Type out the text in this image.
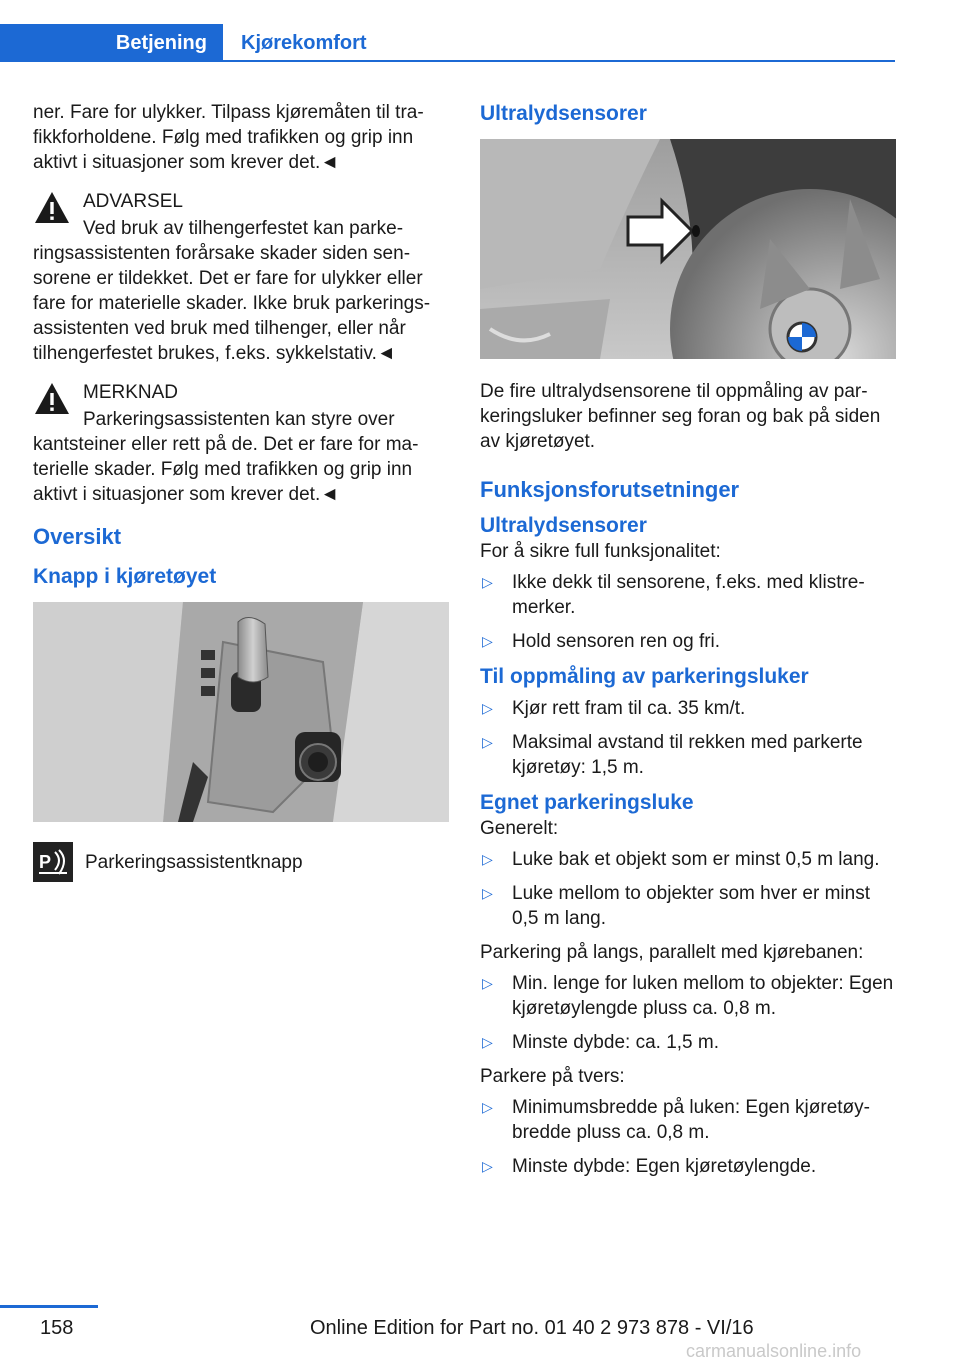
Betjening	Kjørekomfort

ner. Fare for ulykker. Tilpass kjøremåten til trafikkforholdene. Følg med trafikken og grip inn aktivt i situasjoner som krever det.◄

ADVARSEL

Ved bruk av tilhengerfestet kan parkeringsassistenten forårsake skader siden sensorene er tildekket. Det er fare for ulykker eller fare for materielle skader. Ikke bruk parkeringsassistenten ved bruk med tilhenger, eller når tilhengerfestet brukes, f.eks. sykkelstativ.◄

MERKNAD

Parkeringsassistenten kan styre over kantsteiner eller rett på de. Det er fare for materielle skader. Følg med trafikken og grip inn aktivt i situasjoner som krever det.◄

Oversikt
Knapp i kjøretøyet
P Parkeringsassistentknapp
Ultralydsensorer

De fire ultralydsensorene til oppmåling av parkeringsluker befinner seg foran og bak på siden av kjøretøyet.

Funksjonsforutsetninger
Ultralydsensorer

For å sikre full funksjonalitet:

▷ Ikke dekk til sensorene, f.eks. med klistremerker.
▷ Hold sensoren ren og fri.
Til oppmåling av parkeringsluker
▷ Kjør rett fram til ca. 35 km/t.
▷ Maksimal avstand til rekken med parkerte kjøretøy: 1,5 m.
Egnet parkeringsluke

Generelt:

▷ Luke bak et objekt som er minst 0,5 m lang.
▷ Luke mellom to objekter som hver er minst 0,5 m lang.

Parkering på langs, parallelt med kjørebanen:

▷ Min. lenge for luken mellom to objekter: Egen kjøretøylengde pluss ca. 0,8 m.
▷ Minste dybde: ca. 1,5 m.

Parkere på tvers:

▷ Minimumsbredde på luken: Egen kjøretøybredde pluss ca. 0,8 m.
▷ Minste dybde: Egen kjøretøylengde.
158	Online Edition for Part no. 01 40 2 973 878 - VI/16
carmanualsonline.info
